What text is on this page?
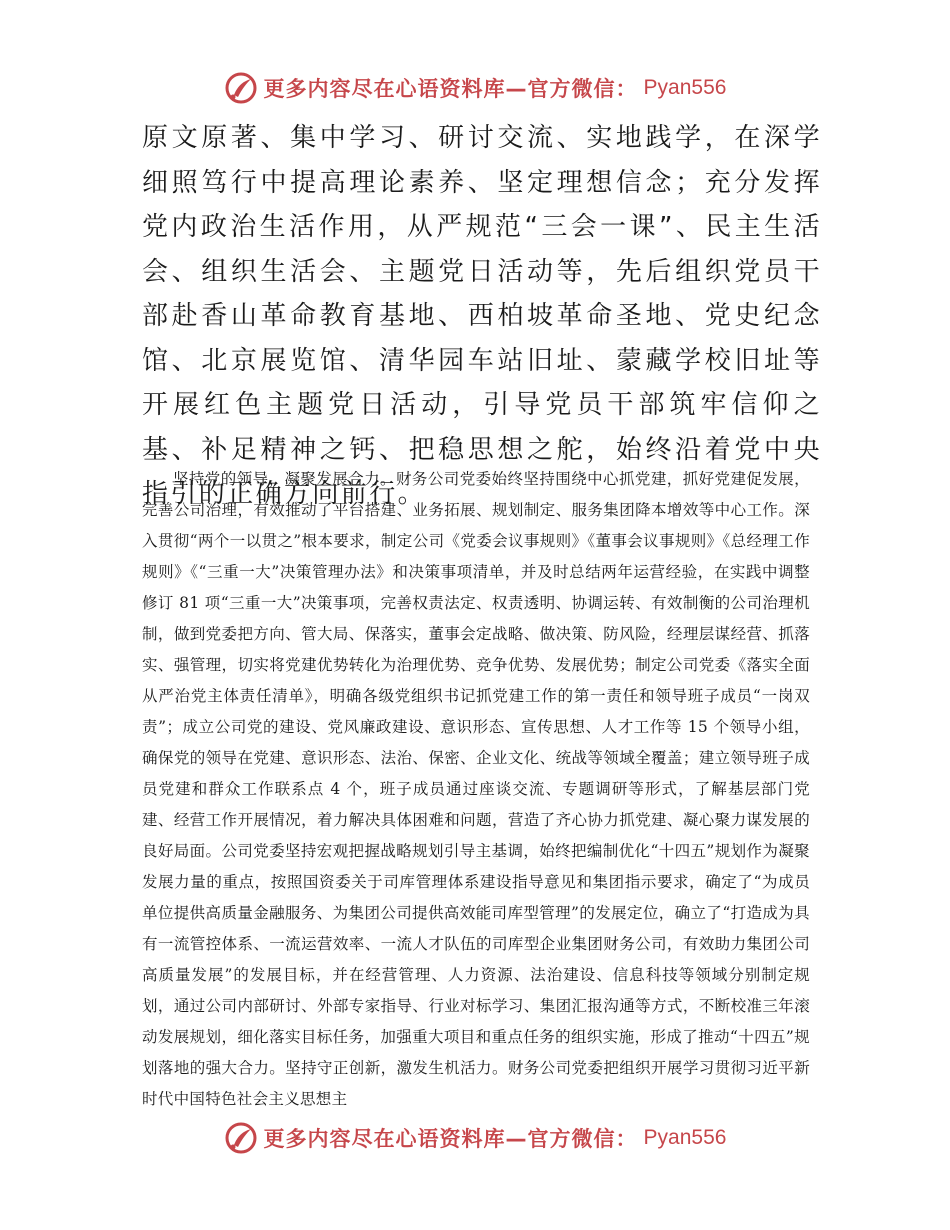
更多内容尽在心语资料库—官方微信： Pyan556

原文原著、集中学习、研讨交流、实地践学，在深学细照笃行中提高理论素养、坚定理想信念；充分发挥党内政治生活作用，从严规范“三会一课”、民主生活会、组织生活会、主题党日活动等，先后组织党员干部赴香山革命教育基地、西柏坡革命圣地、党史纪念馆、北京展览馆、清华园车站旧址、蒙藏学校旧址等开展红色主题党日活动，引导党员干部筑牢信仰之基、补足精神之钙、把稳思想之舵，始终沿着党中央指引的正确方向前行。

坚持党的领导，凝聚发展合力。财务公司党委始终坚持围绕中心抓党建，抓好党建促发展，完善公司治理，有效推动了平台搭建、业务拓展、规划制定、服务集团降本增效等中心工作。深入贯彻“两个一以贯之”根本要求，制定公司《党委会议事规则》《董事会议事规则》《总经理工作规则》《“三重一大”决策管理办法》和决策事项清单，并及时总结两年运营经验，在实践中调整修订 81 项“三重一大”决策事项，完善权责法定、权责透明、协调运转、有效制衡的公司治理机制，做到党委把方向、管大局、保落实，董事会定战略、做决策、防风险，经理层谋经营、抓落实、强管理，切实将党建优势转化为治理优势、竞争优势、发展优势；制定公司党委《落实全面从严治党主体责任清单》，明确各级党组织书记抓党建工作的第一责任和领导班子成员“一岗双责”；成立公司党的建设、党风廉政建设、意识形态、宣传思想、人才工作等 15 个领导小组，确保党的领导在党建、意识形态、法治、保密、企业文化、统战等领域全覆盖；建立领导班子成员党建和群众工作联系点 4 个，班子成员通过座谈交流、专题调研等形式，了解基层部门党建、经营工作开展情况，着力解决具体困难和问题，营造了齐心协力抓党建、凝心聚力谋发展的良好局面。公司党委坚持宏观把握战略规划引导主基调，始终把编制优化“十四五”规划作为凝聚发展力量的重点，按照国资委关于司库管理体系建设指导意见和集团指示要求，确定了“为成员单位提供高质量金融服务、为集团公司提供高效能司库型管理”的发展定位，确立了“打造成为具有一流管控体系、一流运营效率、一流人才队伍的司库型企业集团财务公司，有效助力集团公司高质量发展”的发展目标，并在经营管理、人力资源、法治建设、信息科技等领域分别制定规划，通过公司内部研讨、外部专家指导、行业对标学习、集团汇报沟通等方式，不断校准三年滚动发展规划，细化落实目标任务，加强重大项目和重点任务的组织实施，形成了推动“十四五”规划落地的强大合力。坚持守正创新，激发生机活力。财务公司党委把组织开展学习贯彻习近平新时代中国特色社会主义思想主

更多内容尽在心语资料库—官方微信： Pyan556
